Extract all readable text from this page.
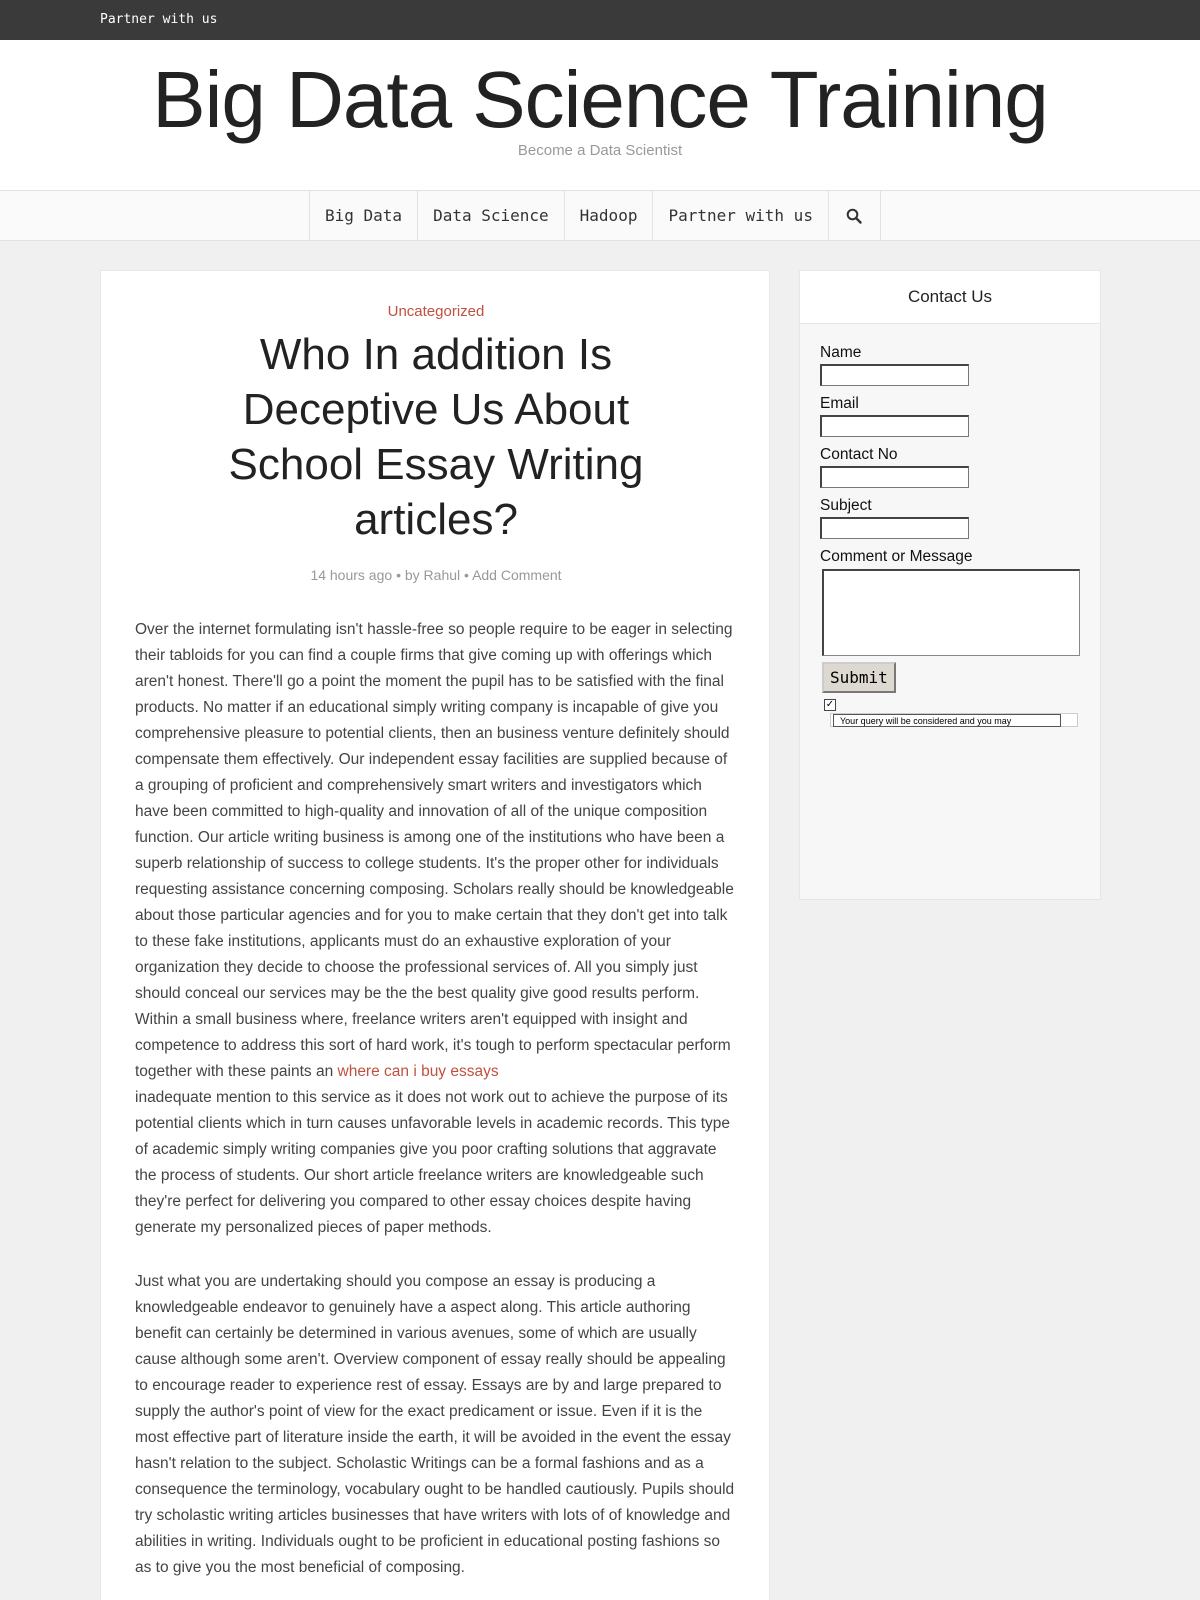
Partner with us
Big Data Science Training
Become a Data Scientist
Big Data	Data Science	Hadoop	Partner with us
Uncategorized
Who In addition Is Deceptive Us About School Essay Writing articles?
14 hours ago • by Rahul • Add Comment

Over the internet formulating isn't hassle-free so people require to be eager in selecting their tabloids for you can find a couple firms that give coming up with offerings which aren't honest. There'll go a point the moment the pupil has to be satisfied with the final products. No matter if an educational simply writing company is incapable of give you comprehensive pleasure to potential clients, then an business venture definitely should compensate them effectively. Our independent essay facilities are supplied because of a grouping of proficient and comprehensively smart writers and investigators which have been committed to high-quality and innovation of all of the unique composition function. Our article writing business is among one of the institutions who have been a superb relationship of success to college students. It's the proper other for individuals requesting assistance concerning composing. Scholars really should be knowledgeable about those particular agencies and for you to make certain that they don't get into talk to these fake institutions, applicants must do an exhaustive exploration of your organization they decide to choose the professional services of. All you simply just should conceal our services may be the the best quality give good results perform. Within a small business where, freelance writers aren't equipped with insight and competence to address this sort of hard work, it's tough to perform spectacular perform together with these paints an where can i buy essays
inadequate mention to this service as it does not work out to achieve the purpose of its potential clients which in turn causes unfavorable levels in academic records. This type of academic simply writing companies give you poor crafting solutions that aggravate the process of students. Our short article freelance writers are knowledgeable such they're perfect for delivering you compared to other essay choices despite having generate my personalized pieces of paper methods.

Just what you are undertaking should you compose an essay is producing a knowledgeable endeavor to genuinely have a aspect along. This article authoring benefit can certainly be determined in various avenues, some of which are usually cause although some aren't. Overview component of essay really should be appealing to encourage reader to experience rest of essay. Essays are by and large prepared to supply the author's point of view for the exact predicament or issue. Even if it is the most effective part of literature inside the earth, it will be avoided in the event the essay hasn't relation to the subject. Scholastic Writings can be a formal fashions and as a consequence the terminology, vocabulary ought to be handled cautiously. Pupils should try scholastic writing articles businesses that have writers with lots of of knowledge and abilities in writing. Individuals ought to be proficient in educational posting fashions so as to give you the most beneficial of composing.

Contact Us
Name
Email
Contact No
Subject
Comment or Message
Submit
✓
Your query will be considered and you may
